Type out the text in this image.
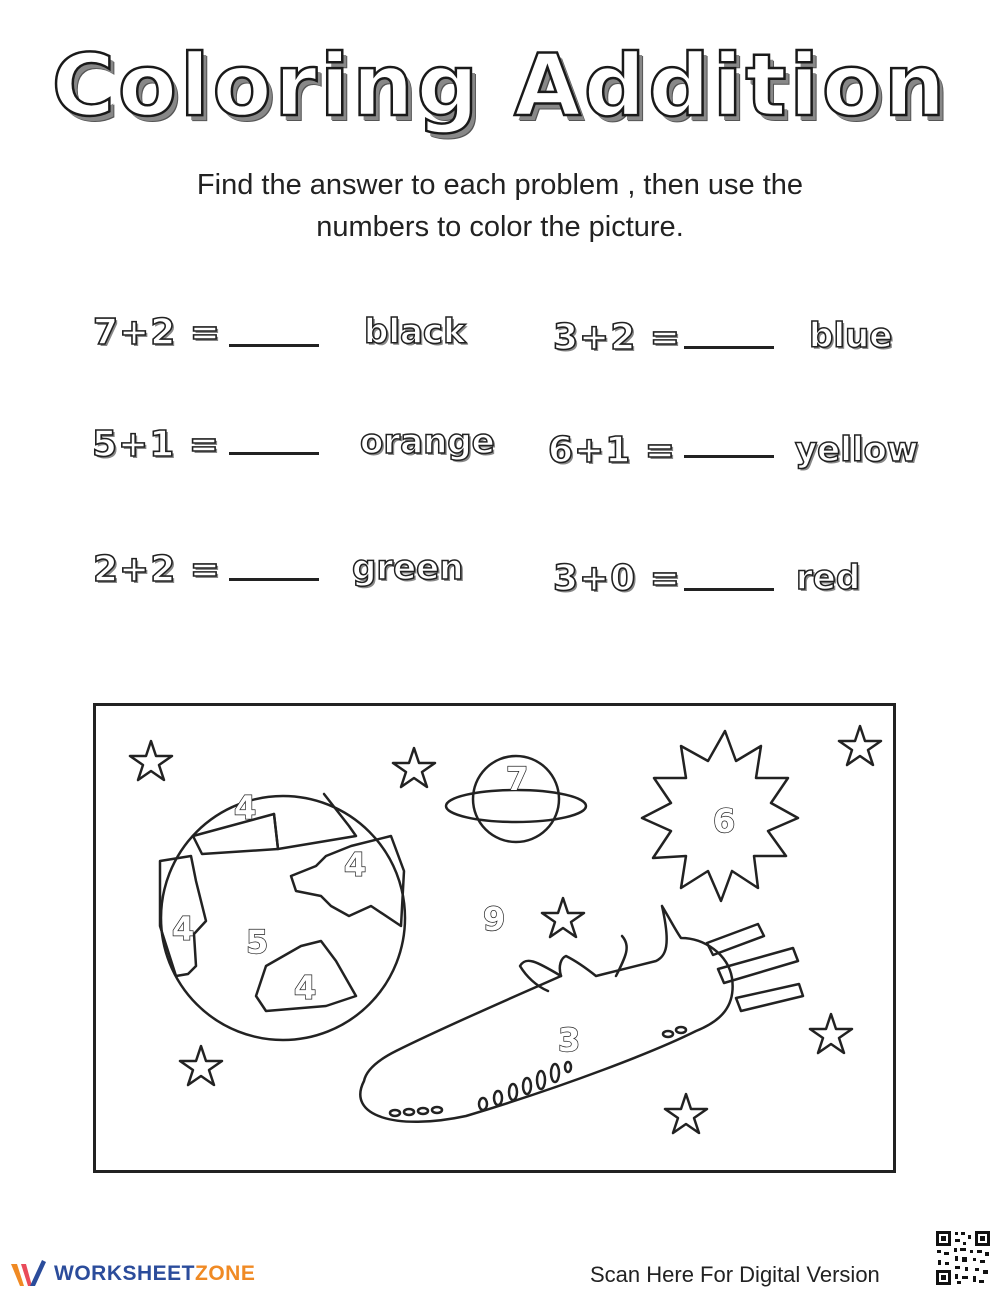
Coloring Addition
Find the answer to each problem , then use the
numbers to color the picture.
7+2 =	black 3+2 =	blue
5+1 =	orange 6+1 =	yellow
2+2 =	green 3+0 =	red
4
4
4 5
4
7
6
9
3
WORKSHEETZONE	Scan Here For Digital Version
